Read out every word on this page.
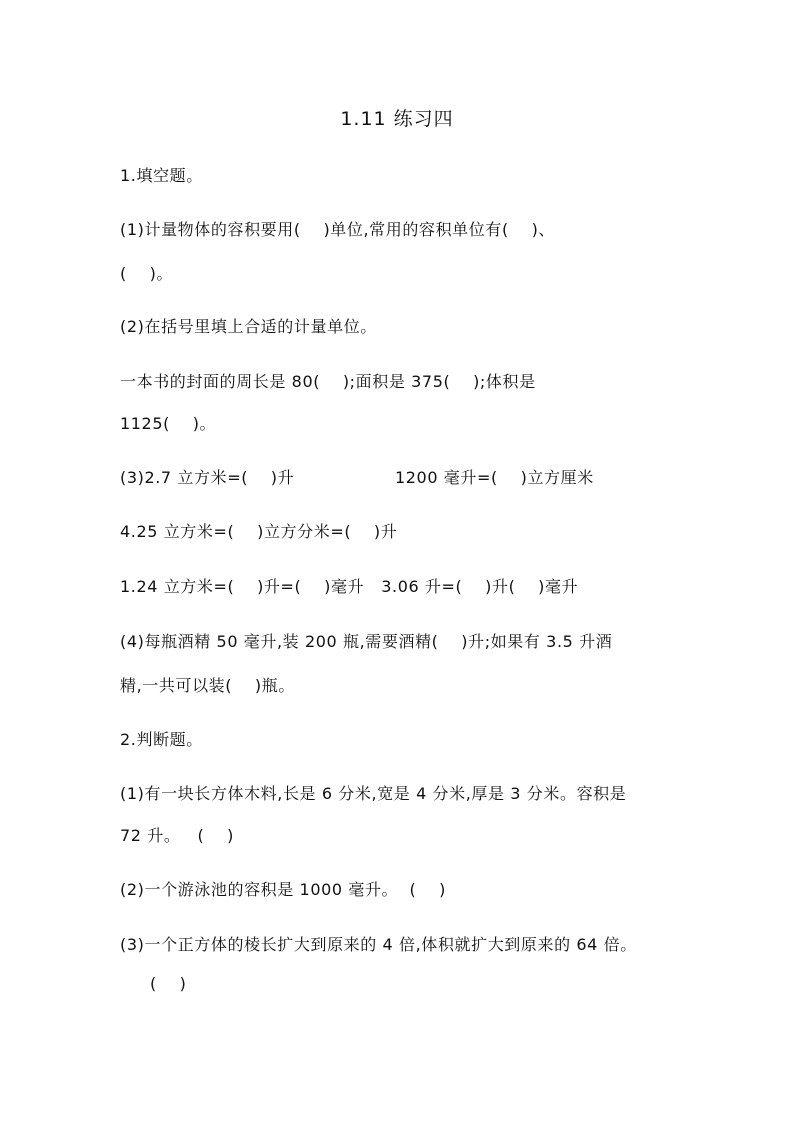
1.11 练习四
1.填空题。
(1)计量物体的容积要用(    )单位,常用的容积单位有(    )、
(    )。
(2)在括号里填上合适的计量单位。
一本书的封面的周长是 80(    );面积是 375(    );体积是
1125(    )。
(3)2.7 立方米=(    )升	1200 毫升=(    )立方厘米
4.25 立方米=(    )立方分米=(    )升
1.24 立方米=(    )升=(    )毫升   3.06 升=(    )升(    )毫升
(4)每瓶酒精 50 毫升,装 200 瓶,需要酒精(    )升;如果有 3.5 升酒
精,一共可以装(    )瓶。
2.判断题。
(1)有一块长方体木料,长是 6 分米,宽是 4 分米,厚是 3 分米。容积是
72 升。   (    )
(2)一个游泳池的容积是 1000 毫升。  (    )
(3)一个正方体的棱长扩大到原来的 4 倍,体积就扩大到原来的 64 倍。
(    )
